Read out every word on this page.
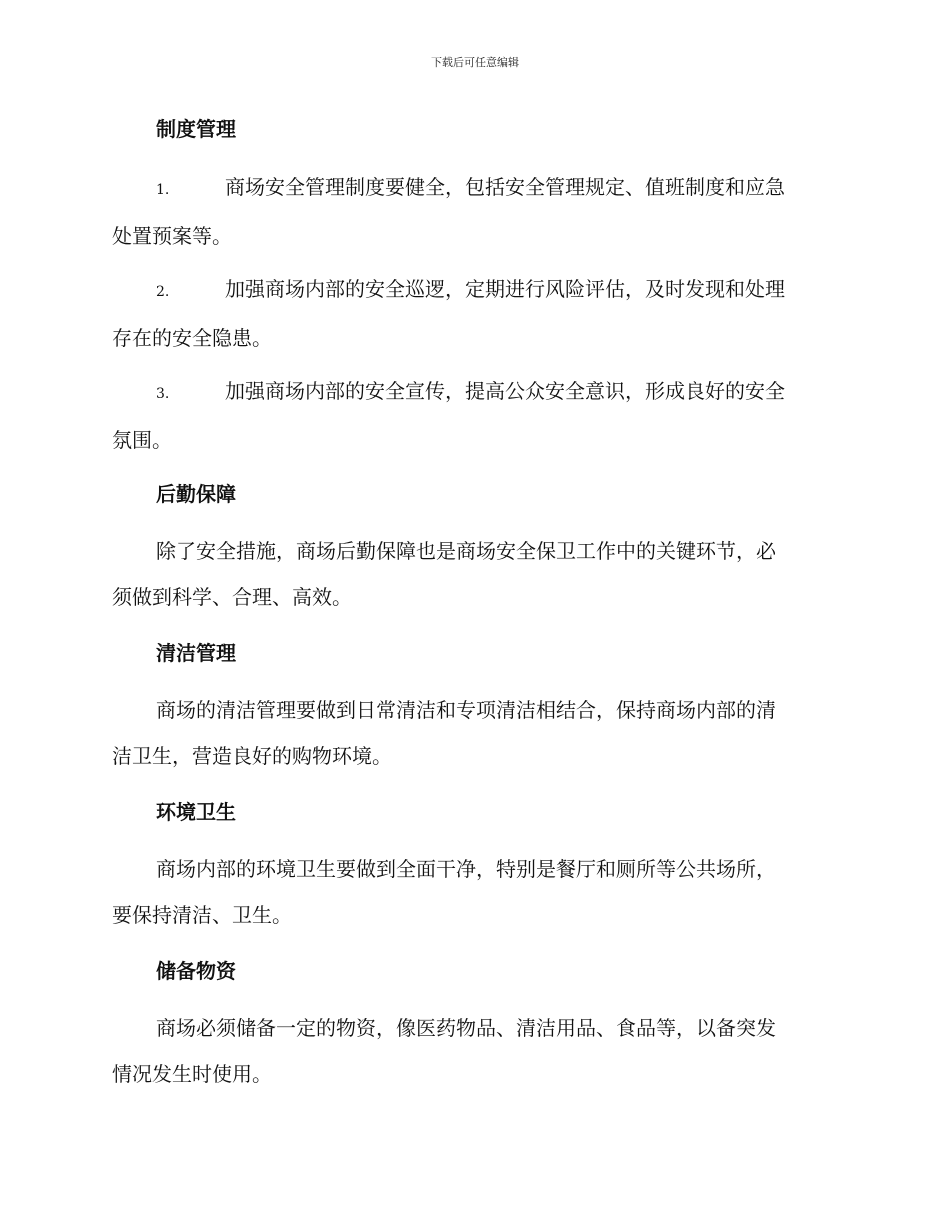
下载后可任意编辑
制度管理
1.	商场安全管理制度要健全，包括安全管理规定、值班制度和应急
处置预案等。
2.	加强商场内部的安全巡逻，定期进行风险评估，及时发现和处理
存在的安全隐患。
3.	加强商场内部的安全宣传，提高公众安全意识，形成良好的安全
氛围。
后勤保障
除了安全措施，商场后勤保障也是商场安全保卫工作中的关键环节，必
须做到科学、合理、高效。
清洁管理
商场的清洁管理要做到日常清洁和专项清洁相结合，保持商场内部的清
洁卫生，营造良好的购物环境。
环境卫生
商场内部的环境卫生要做到全面干净，特别是餐厅和厕所等公共场所，
要保持清洁、卫生。
储备物资
商场必须储备一定的物资，像医药物品、清洁用品、食品等，以备突发
情况发生时使用。
